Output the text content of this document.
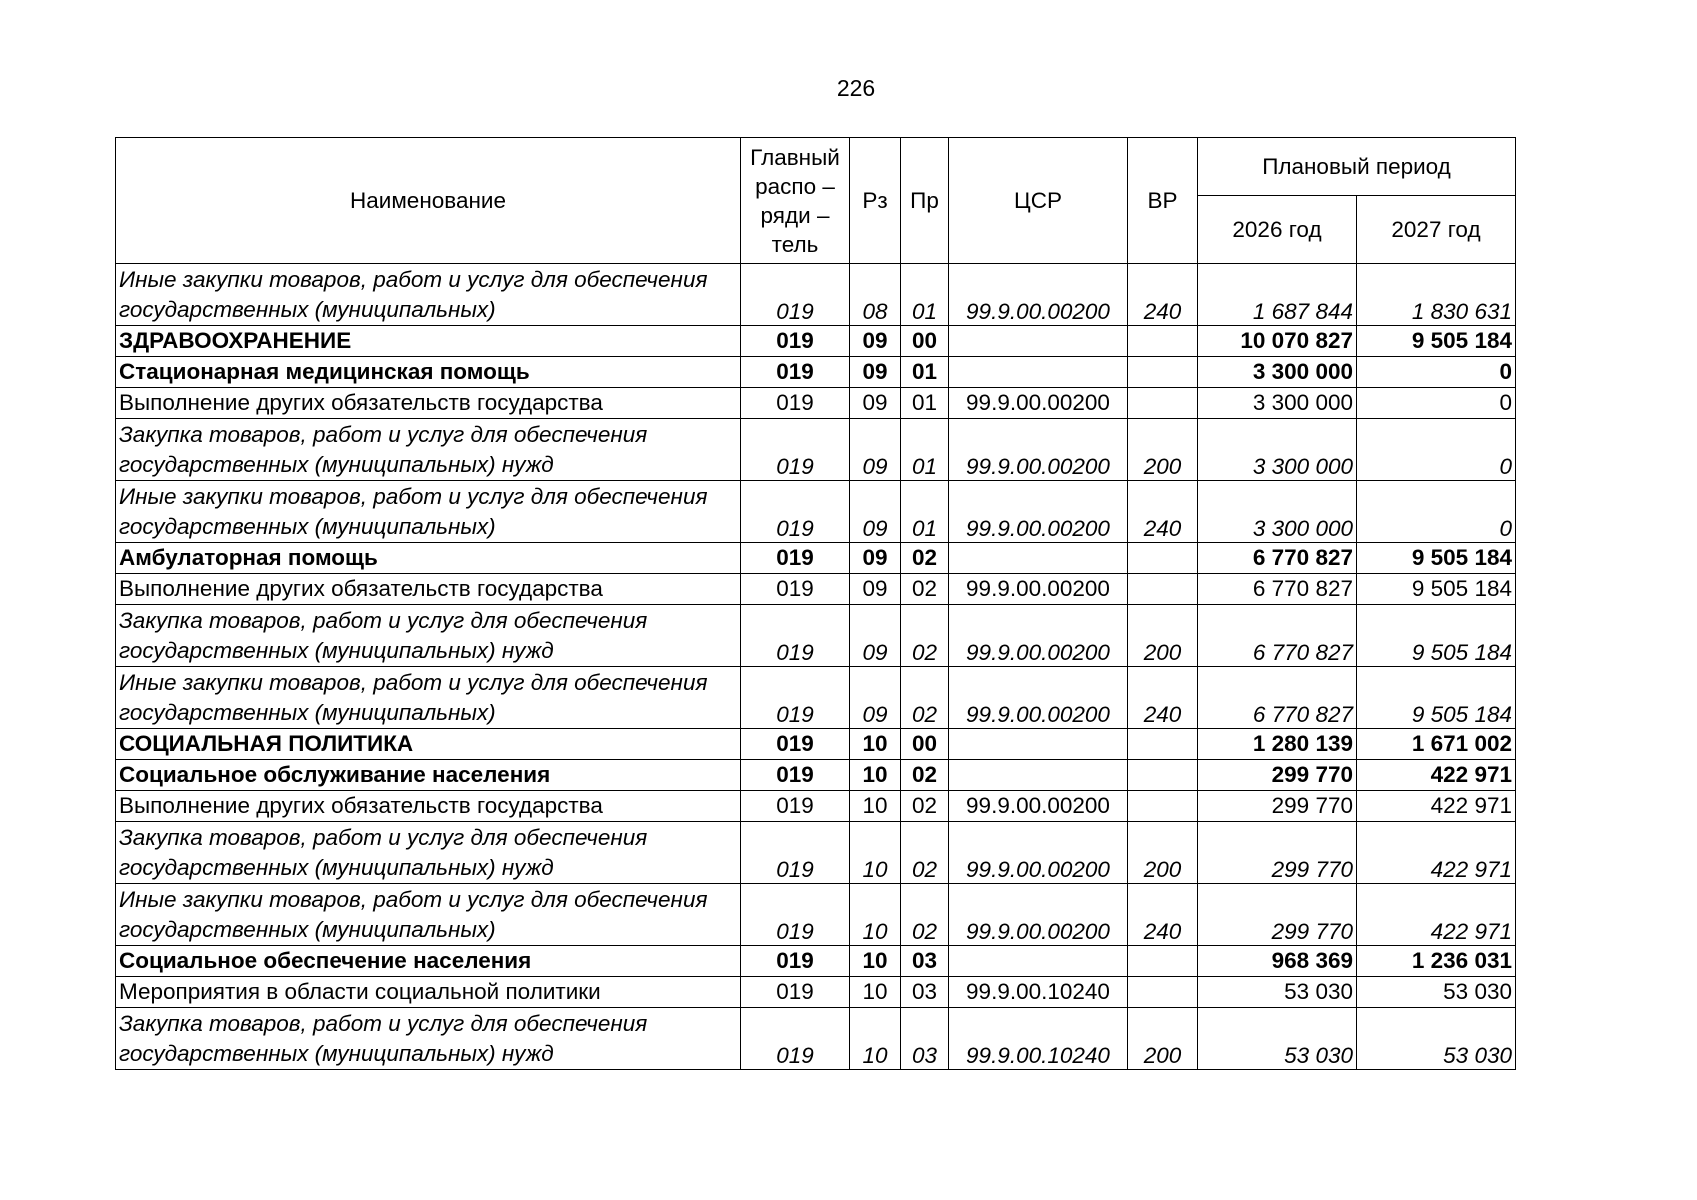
226
Наименование	Главный
распо –
ряди –
тель	Рз	Пр	ЦСР	ВР	Плановый период	
						2026 год	2027 год
Иные закупки товаров, работ и услуг для обеспечения государственных (муниципальных)	019	08	01	99.9.00.00200	240	1 687 844	1 830 631
ЗДРАВООХРАНЕНИЕ	019	09	00			10 070 827	9 505 184
Стационарная медицинская помощь	019	09	01			3 300 000	0
Выполнение других обязательств государства	019	09	01	99.9.00.00200		3 300 000	0
Закупка товаров, работ и услуг для обеспечения государственных (муниципальных) нужд	019	09	01	99.9.00.00200	200	3 300 000	0
Иные закупки товаров, работ и услуг для обеспечения государственных (муниципальных)	019	09	01	99.9.00.00200	240	3 300 000	0
Амбулаторная помощь	019	09	02			6 770 827	9 505 184
Выполнение других обязательств государства	019	09	02	99.9.00.00200		6 770 827	9 505 184
Закупка товаров, работ и услуг для обеспечения государственных (муниципальных) нужд	019	09	02	99.9.00.00200	200	6 770 827	9 505 184
Иные закупки товаров, работ и услуг для обеспечения государственных (муниципальных)	019	09	02	99.9.00.00200	240	6 770 827	9 505 184
СОЦИАЛЬНАЯ ПОЛИТИКА	019	10	00			1 280 139	1 671 002
Социальное обслуживание населения	019	10	02			299 770	422 971
Выполнение других обязательств государства	019	10	02	99.9.00.00200		299 770	422 971
Закупка товаров, работ и услуг для обеспечения государственных (муниципальных) нужд	019	10	02	99.9.00.00200	200	299 770	422 971
Иные закупки товаров, работ и услуг для обеспечения государственных (муниципальных)	019	10	02	99.9.00.00200	240	299 770	422 971
Социальное обеспечение населения	019	10	03			968 369	1 236 031
Мероприятия в области социальной политики	019	10	03	99.9.00.10240		53 030	53 030
Закупка товаров, работ и услуг для обеспечения государственных (муниципальных) нужд	019	10	03	99.9.00.10240	200	53 030	53 030
